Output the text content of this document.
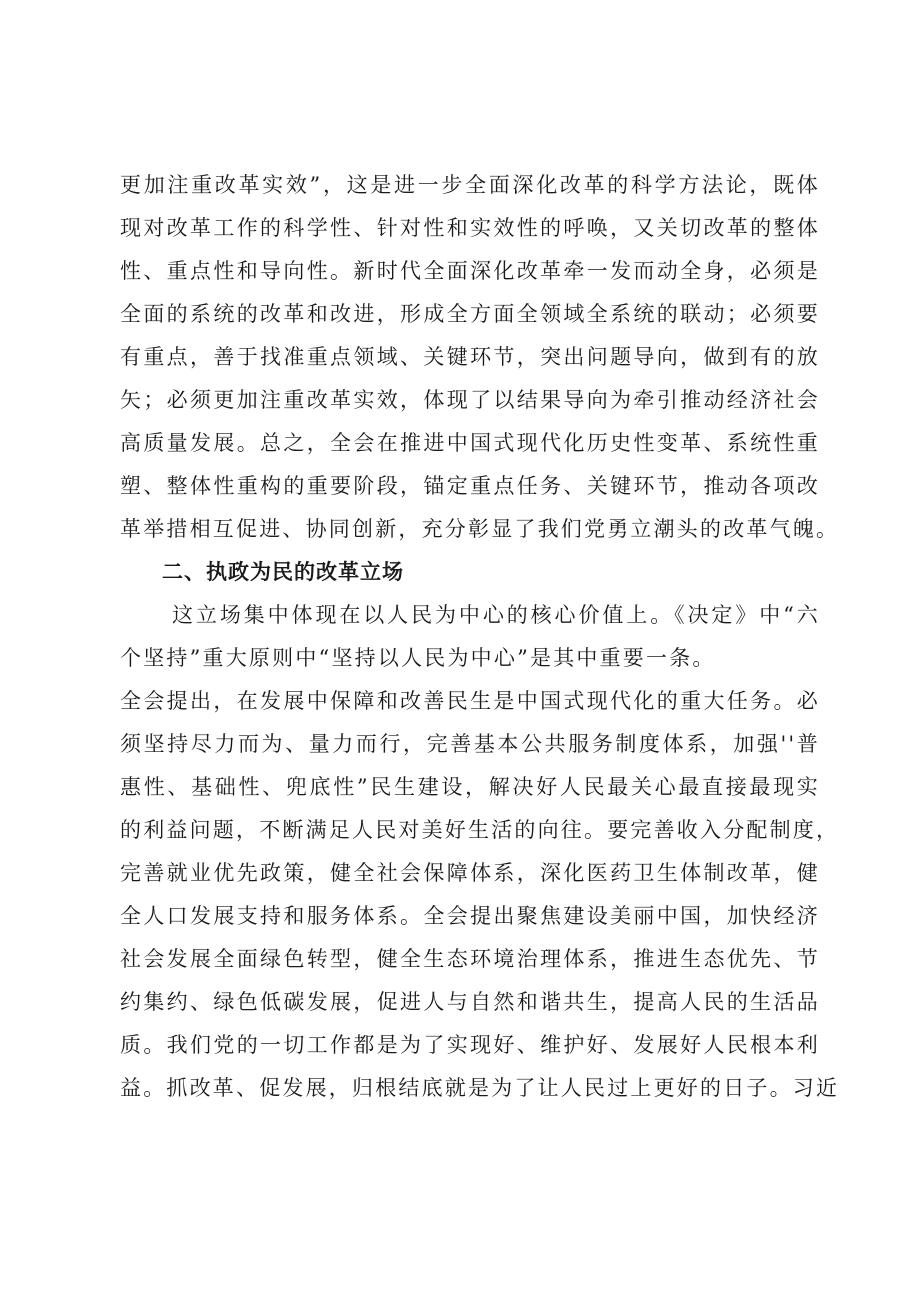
更加注重改革实效”，这是进一步全面深化改革的科学方法论，既体
现对改革工作的科学性、针对性和实效性的呼唤，又关切改革的整体
性、重点性和导向性。新时代全面深化改革牵一发而动全身，必须是
全面的系统的改革和改进，形成全方面全领域全系统的联动；必须要
有重点，善于找准重点领域、关键环节，突出问题导向，做到有的放
矢；必须更加注重改革实效，体现了以结果导向为牵引推动经济社会
高质量发展。总之，全会在推进中国式现代化历史性变革、系统性重
塑、整体性重构的重要阶段，锚定重点任务、关键环节，推动各项改
革举措相互促进、协同创新，充分彰显了我们党勇立潮头的改革气魄。
二、执政为民的改革立场
这立场集中体现在以人民为中心的核心价值上。《决定》中“六
个坚持”重大原则中“坚持以人民为中心”是其中重要一条。
全会提出，在发展中保障和改善民生是中国式现代化的重大任务。必
须坚持尽力而为、量力而行，完善基本公共服务制度体系，加强''普
惠性、基础性、兜底性”民生建设，解决好人民最关心最直接最现实
的利益问题，不断满足人民对美好生活的向往。要完善收入分配制度，
完善就业优先政策，健全社会保障体系，深化医药卫生体制改革，健
全人口发展支持和服务体系。全会提出聚焦建设美丽中国，加快经济
社会发展全面绿色转型，健全生态环境治理体系，推进生态优先、节
约集约、绿色低碳发展，促进人与自然和谐共生，提高人民的生活品
质。我们党的一切工作都是为了实现好、维护好、发展好人民根本利
益。抓改革、促发展，归根结底就是为了让人民过上更好的日子。习近
